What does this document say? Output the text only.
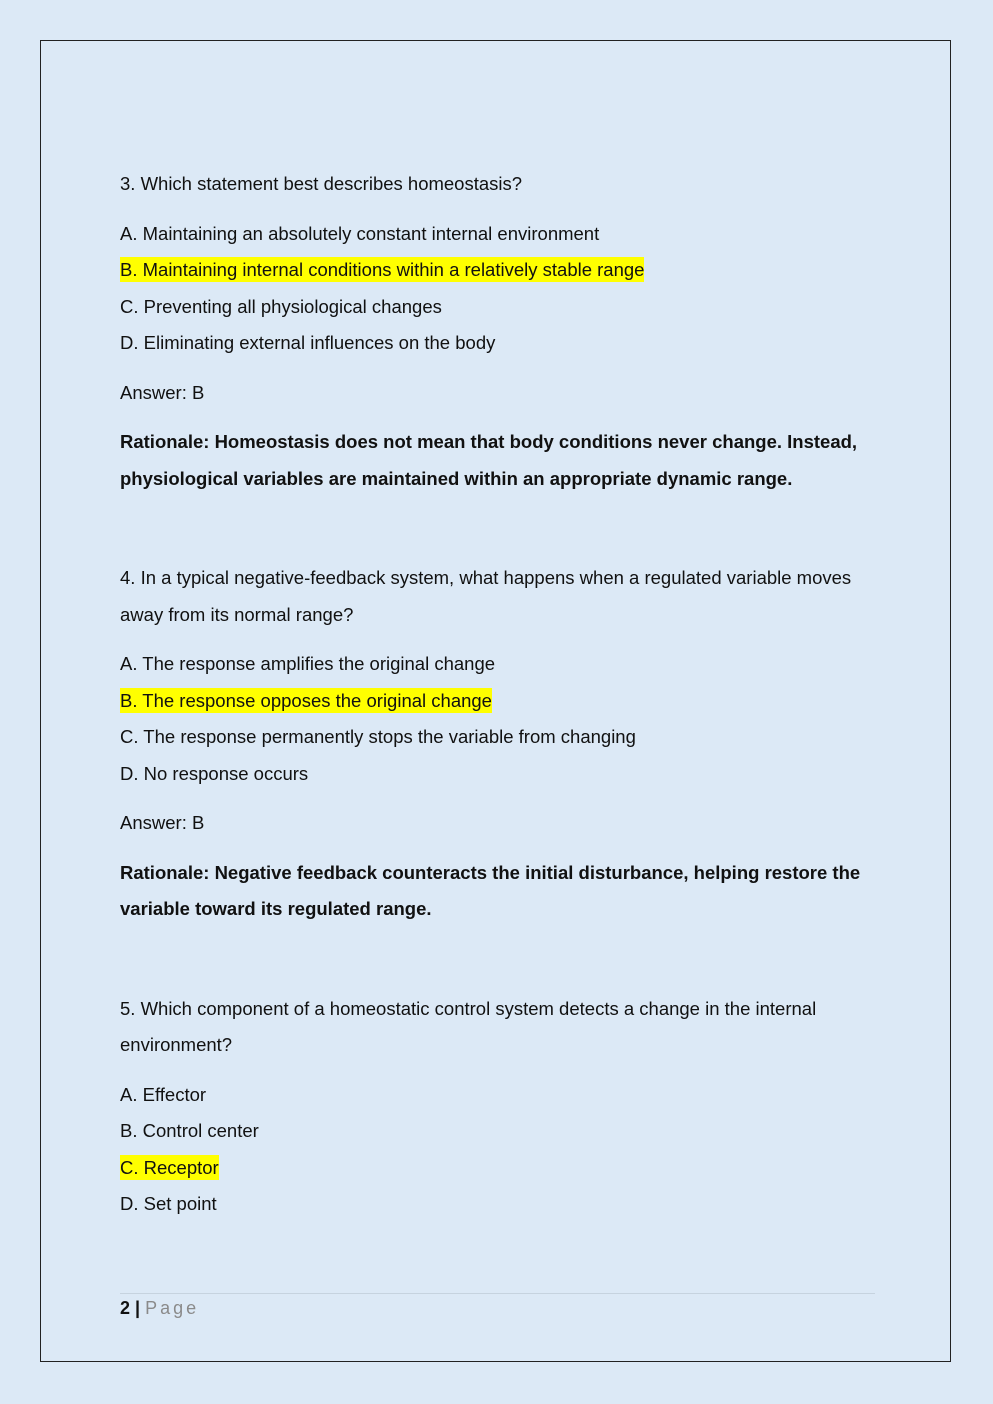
3. Which statement best describes homeostasis?

A. Maintaining an absolutely constant internal environment

B. Maintaining internal conditions within a relatively stable range

C. Preventing all physiological changes

D. Eliminating external influences on the body

Answer: B

Rationale: Homeostasis does not mean that body conditions never change. Instead, physiological variables are maintained within an appropriate dynamic range.

4. In a typical negative-feedback system, what happens when a regulated variable moves away from its normal range?

A. The response amplifies the original change

B. The response opposes the original change

C. The response permanently stops the variable from changing

D. No response occurs

Answer: B

Rationale: Negative feedback counteracts the initial disturbance, helping restore the variable toward its regulated range.

5. Which component of a homeostatic control system detects a change in the internal environment?

A. Effector

B. Control center

C. Receptor

D. Set point

2 | Page
